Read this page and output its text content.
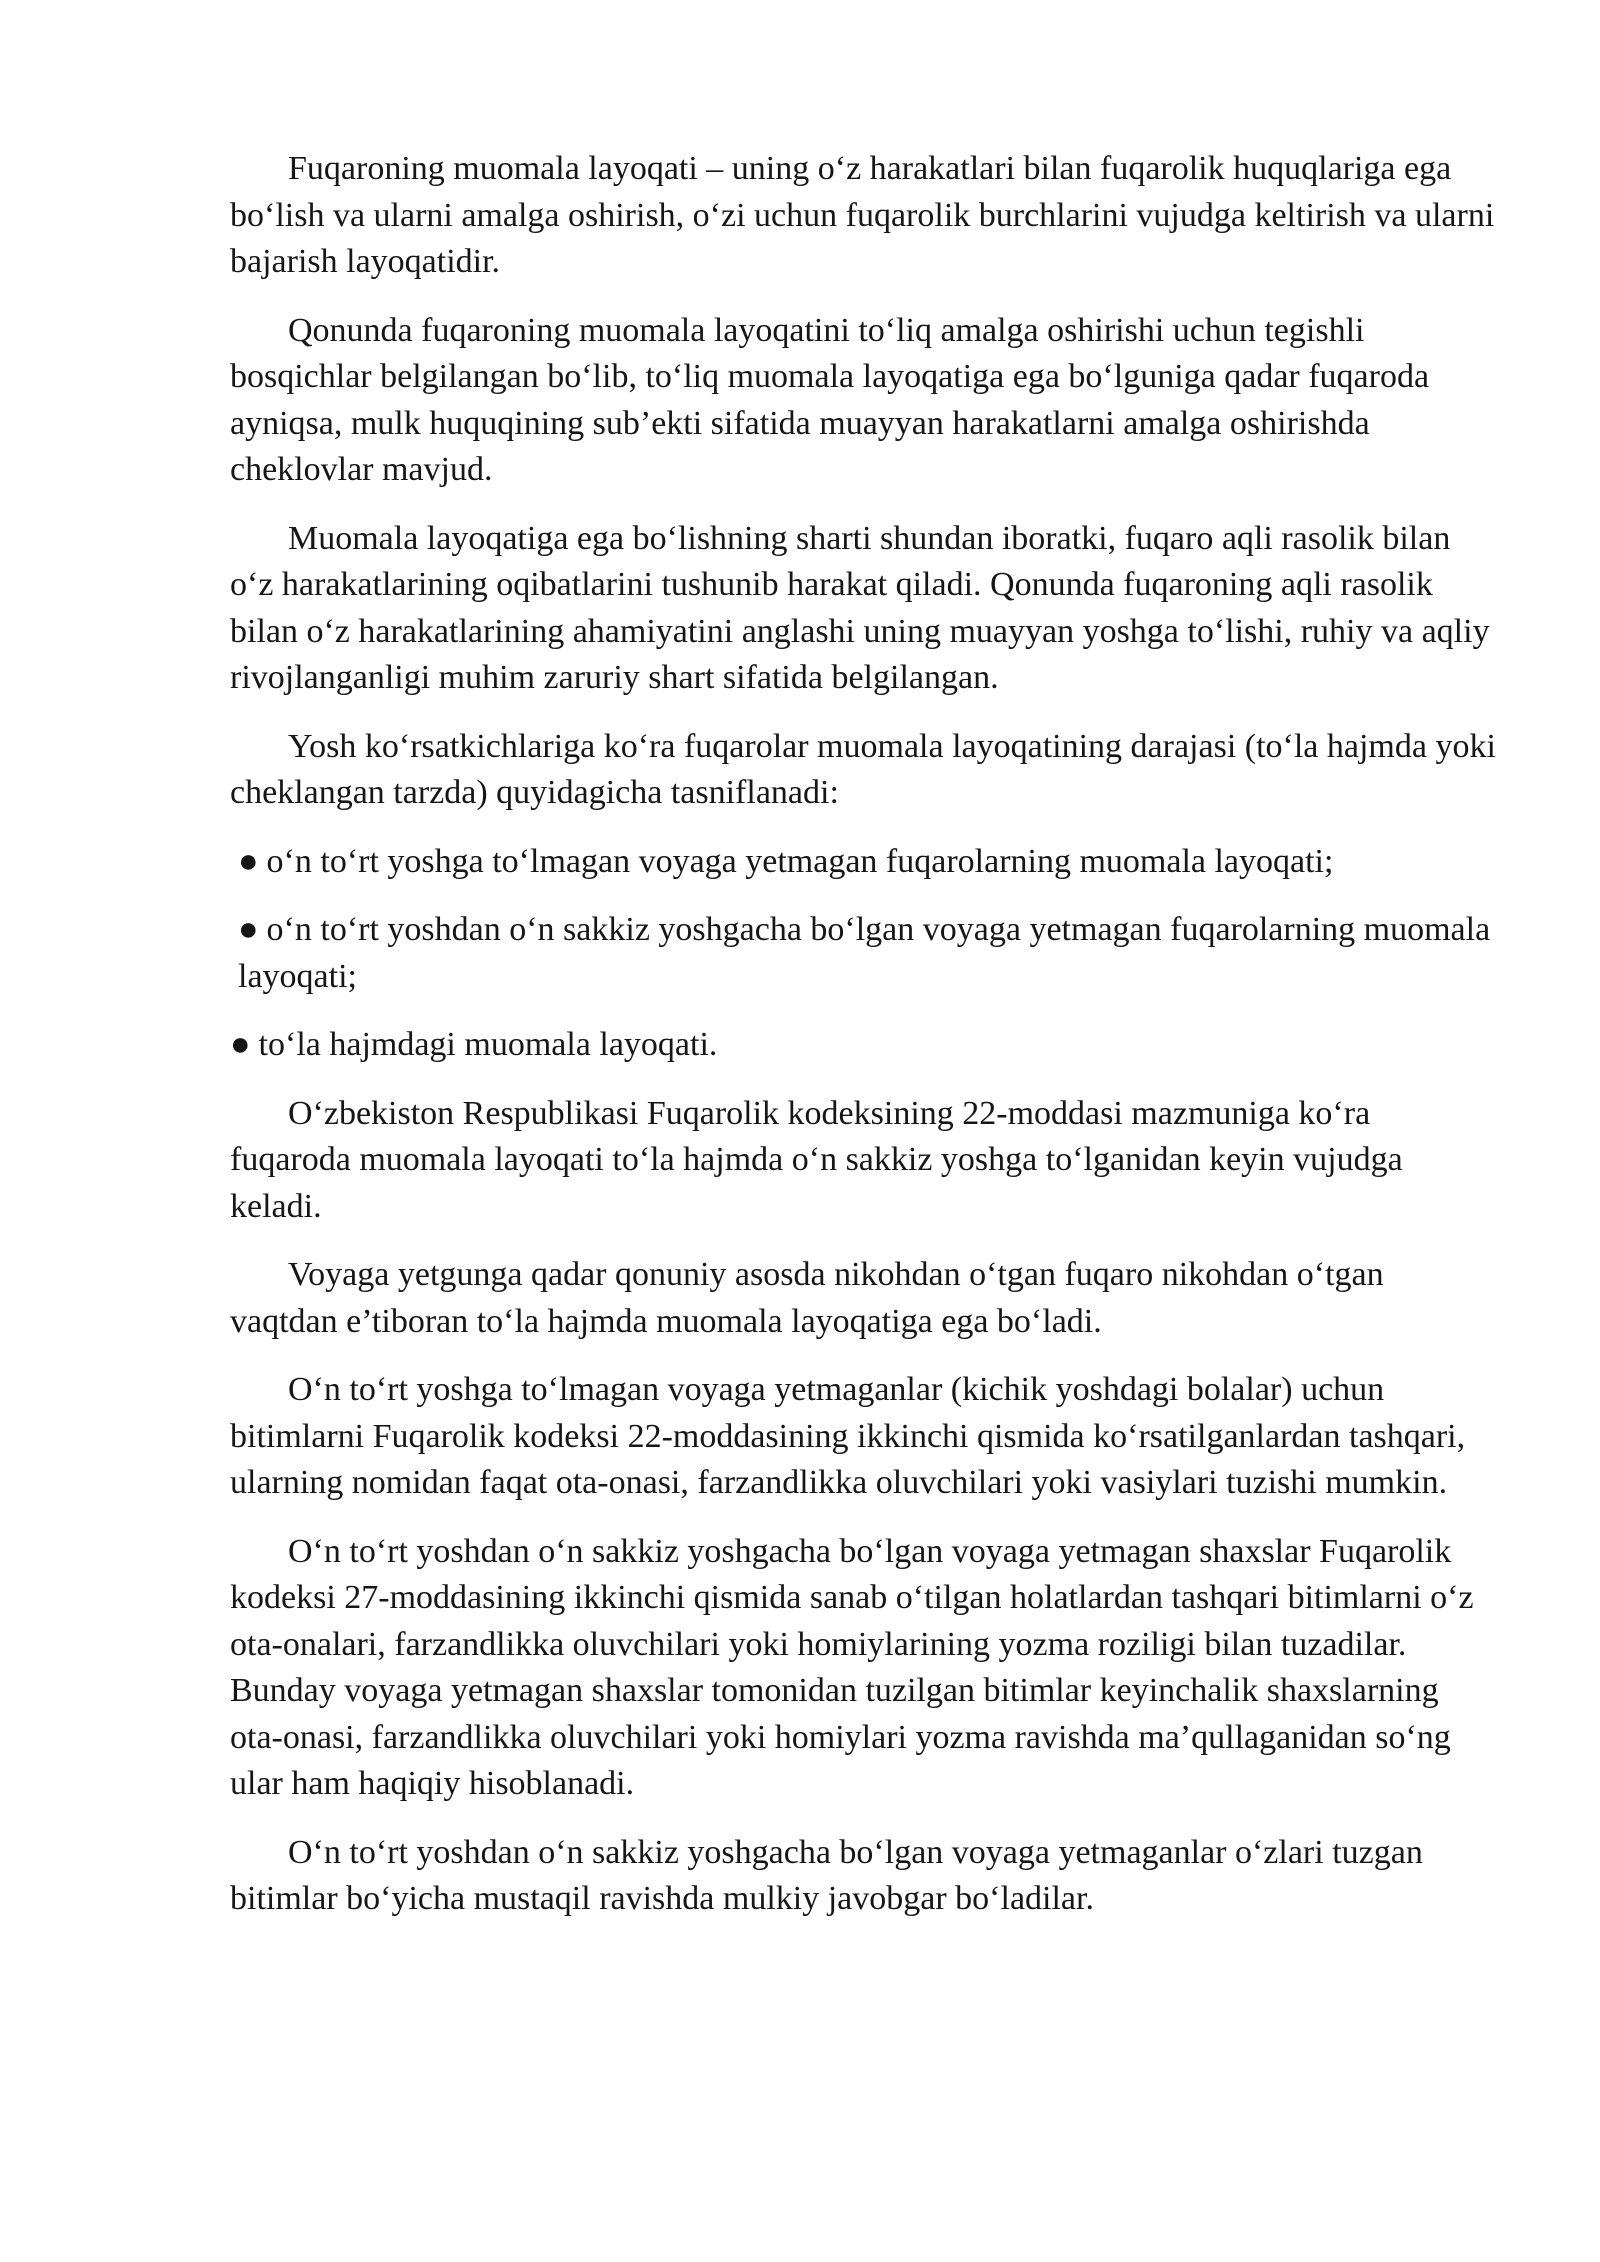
Fuqaroning muomala layoqati – uning o‘z harakatlari bilan fuqarolik huquqlariga ega bo‘lish va ularni amalga oshirish, o‘zi uchun fuqarolik burchlarini vujudga keltirish va ularni bajarish layoqatidir.

Qonunda fuqaroning muomala layoqatini to‘liq amalga oshirishi uchun tegishli bosqichlar belgilangan bo‘lib, to‘liq muomala layoqatiga ega bo‘lguniga qadar fuqaroda ayniqsa, mulk huquqining sub’ekti sifatida muayyan harakatlarni amalga oshirishda cheklovlar mavjud.

Muomala layoqatiga ega bo‘lishning sharti shundan iboratki, fuqaro aqli rasolik bilan o‘z harakatlarining oqibatlarini tushunib harakat qiladi. Qonunda fuqaroning aqli rasolik bilan o‘z harakatlarining ahamiyatini anglashi uning muayyan yoshga to‘lishi, ruhiy va aqliy rivojlanganligi muhim zaruriy shart sifatida belgilangan.

Yosh ko‘rsatkichlariga ko‘ra fuqarolar muomala layoqatining darajasi (to‘la hajmda yoki cheklangan tarzda) quyidagicha tasniflanadi:

● o‘n to‘rt yoshga to‘lmagan voyaga yetmagan fuqarolarning muomala layoqati;

● o‘n to‘rt yoshdan o‘n sakkiz yoshgacha bo‘lgan voyaga yetmagan fuqarolarning muomala layoqati;

● to‘la hajmdagi muomala layoqati.

O‘zbekiston Respublikasi Fuqarolik kodeksining 22-moddasi mazmuniga ko‘ra fuqaroda muomala layoqati to‘la hajmda o‘n sakkiz yoshga to‘lganidan keyin vujudga keladi.

Voyaga yetgunga qadar qonuniy asosda nikohdan o‘tgan fuqaro nikohdan o‘tgan vaqtdan e’tiboran to‘la hajmda muomala layoqatiga ega bo‘ladi.

O‘n to‘rt yoshga to‘lmagan voyaga yetmaganlar (kichik yoshdagi bolalar) uchun bitimlarni Fuqarolik kodeksi 22-moddasining ikkinchi qismida ko‘rsatilganlardan tashqari, ularning nomidan faqat ota-onasi, farzandlikka oluvchilari yoki vasiylari tuzishi mumkin.

O‘n to‘rt yoshdan o‘n sakkiz yoshgacha bo‘lgan voyaga yetmagan shaxslar Fuqarolik kodeksi 27-moddasining ikkinchi qismida sanab o‘tilgan holatlardan tashqari bitimlarni o‘z ota-onalari, farzandlikka oluvchilari yoki homiylarining yozma roziligi bilan tuzadilar. Bunday voyaga yetmagan shaxslar tomonidan tuzilgan bitimlar keyinchalik shaxslarning ota-onasi, farzandlikka oluvchilari yoki homiylari yozma ravishda ma’qullaganidan so‘ng ular ham haqiqiy hisoblanadi.

O‘n to‘rt yoshdan o‘n sakkiz yoshgacha bo‘lgan voyaga yetmaganlar o‘zlari tuzgan bitimlar bo‘yicha mustaqil ravishda mulkiy javobgar bo‘ladilar.
